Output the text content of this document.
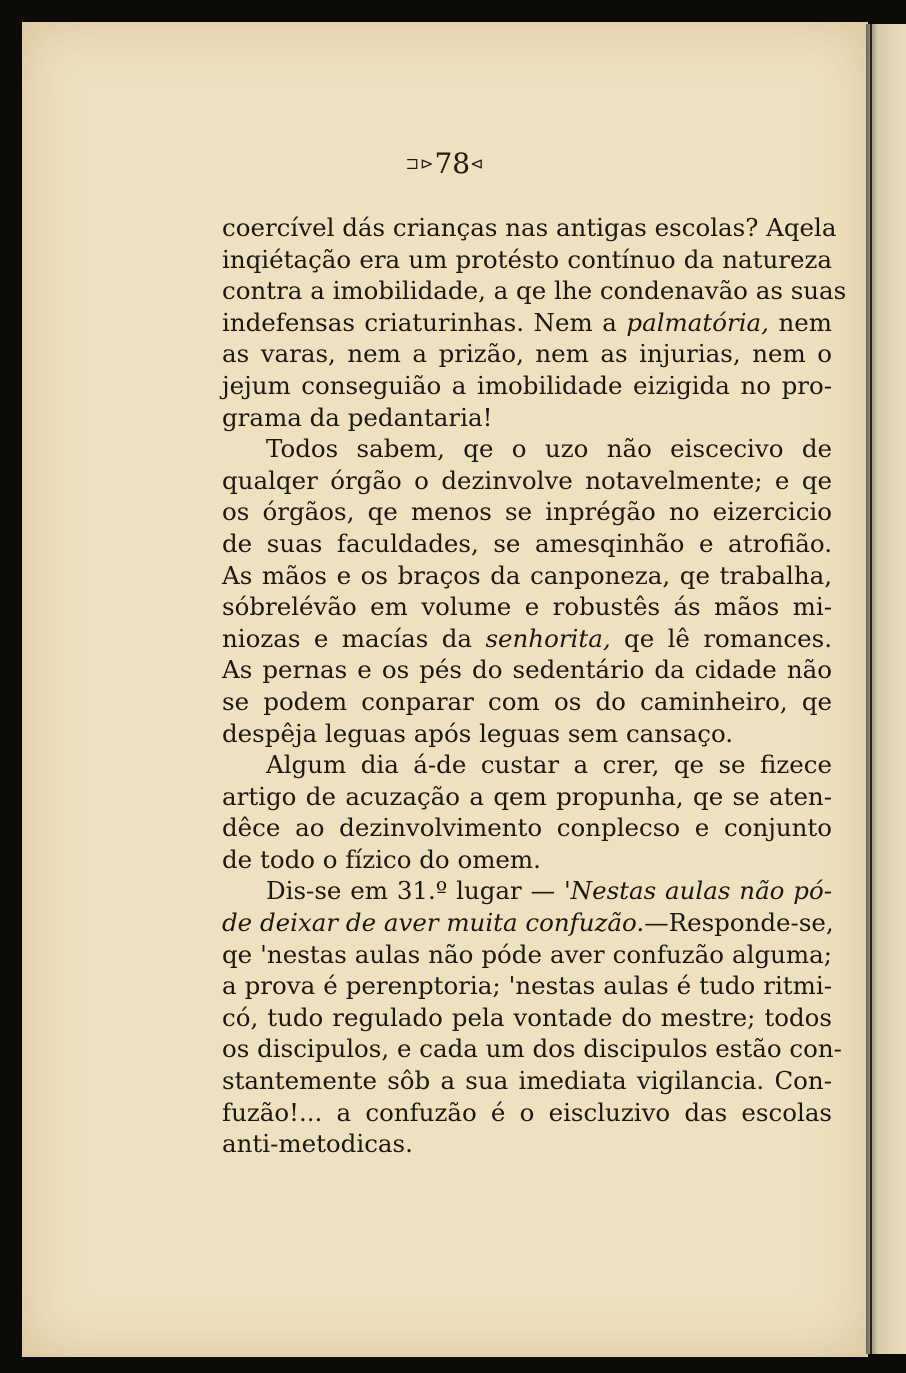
⊐⊳78⊲
coercível dás crianças nas antigas escolas? Aqela
inqiétação era um protésto contínuo da natureza
contra a imobilidade, a qe lhe condenavão as suas
indefensas criaturinhas. Nem a palmatória, nem
as varas, nem a prizão, nem as injurias, nem o
jejum conseguião a imobilidade eizigida no pro-
grama da pedantaria!
Todos sabem, qe o uzo não eiscecivo de
qualqer órgão o dezinvolve notavelmente; e qe
os órgãos, qe menos se inprégão no eizercicio
de suas faculdades, se amesqinhão e atrofião.
As mãos e os braços da canponeza, qe trabalha,
sóbrelévão em volume e robustês ás mãos mi-
niozas e macías da senhorita, qe lê romances.
As pernas e os pés do sedentário da cidade não
se podem conparar com os do caminheiro, qe
despêja leguas após leguas sem cansaço.
Algum dia á-de custar a crer, qe se fizece
artigo de acuzação a qem propunha, qe se aten-
dêce ao dezinvolvimento conplecso e conjunto
de todo o fízico do omem.
Dis-se em 31.º lugar — 'Nestas aulas não pó-
de deixar de aver muita confuzão.—Responde-se,
qe 'nestas aulas não póde aver confuzão alguma;
a prova é perenptoria; 'nestas aulas é tudo ritmi-
có, tudo regulado pela vontade do mestre; todos
os discipulos, e cada um dos discipulos estão con-
stantemente sôb a sua imediata vigilancia. Con-
fuzão!... a confuzão é o eiscluzivo das escolas
anti-metodicas.
